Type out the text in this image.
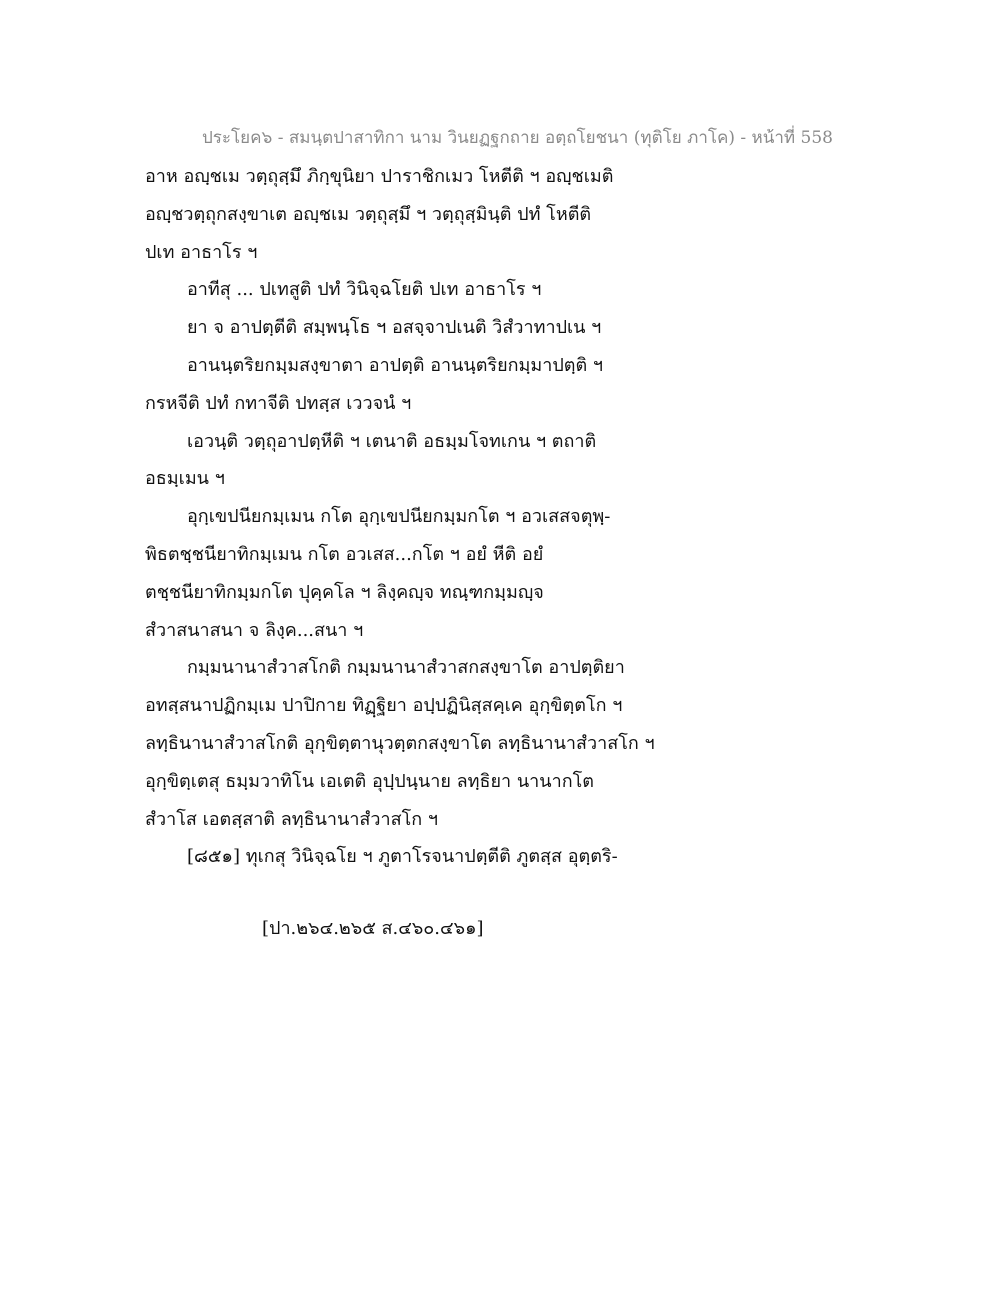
ประโยค๖ - สมนฺตปาสาทิกา นาม วินยฏฐกถาย อตฺถโยชนา (ทุติโย ภาโค) - หน้าที่ 558
อาห อญฺชเม วตฺถุสฺมึ ภิกฺขุนิยา ปาราชิกเมว โหตีติ ฯ อญฺชเมติ
อญฺชวตฺถุกสงฺขาเต อญฺชเม วตฺถุสฺมึ ฯ วตฺถุสฺมินฺติ ปทํ โหตีติ
ปเท อาธาโร ฯ
อาทีสุ ... ปเทสูติ ปทํ วินิจฺฉโยติ ปเท อาธาโร ฯ
ยา จ อาปตฺตีติ สมฺพนฺโธ ฯ อสจฺจาปเนติ วิสํวาทาปเน ฯ
อานนฺตริยกมฺมสงฺขาตา อาปตฺติ อานนฺตริยกมฺมาปตฺติ ฯ
กรหจีติ ปทํ กทาจีติ ปทสฺส เววจนํ ฯ
เอวนฺติ วตฺถุอาปตฺหีติ ฯ เตนาติ อธมฺมโจทเกน ฯ ตถาติ
อธมฺเมน ฯ
อุกฺเขปนียกมฺเมน กโต อุกฺเขปนียกมฺมกโต ฯ อวเสสจตุพฺ-
พิธตชฺชนียาทิกมฺเมน กโต อวเสส...กโต ฯ อยํ หีติ อยํ
ตชฺชนียาทิกมฺมกโต ปุคฺคโล ฯ ลิงฺคญฺจ ทณฺฑกมฺมญฺจ
สํวาสนาสนา จ ลิงฺค...สนา ฯ
กมฺมนานาสํวาสโกติ กมฺมนานาสํวาสกสงฺขาโต อาปตฺติยา
อทสฺสนาปฏิกมฺเม ปาปิกาย ทิฏฺฐิยา อปฺปฏินิสฺสคฺเค อุกฺขิตฺตโก ฯ
ลทฺธินานาสํวาสโกติ อุกฺขิตฺตานุวตฺตกสงฺขาโต ลทฺธินานาสํวาสโก ฯ
อุกฺขิตฺเตสุ ธมฺมวาทิโน เอเตติ อุปฺปนฺนาย ลทฺธิยา นานากโต
สํวาโส เอตสฺสาติ ลทฺธินานาสํวาสโก ฯ
[๘๕๑] ทุเกสุ วินิจฺฉโย ฯ ภูตาโรจนาปตฺตีติ ภูตสฺส อุตฺตริ-
[ปา.๒๖๔.๒๖๕ ส.๔๖๐.๔๖๑]
